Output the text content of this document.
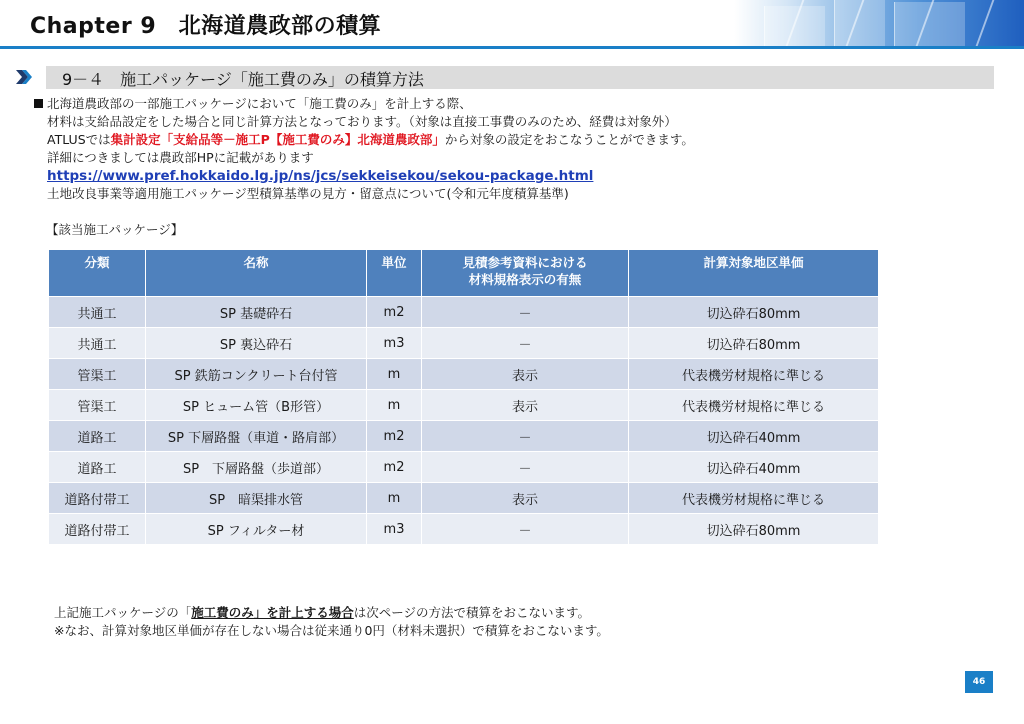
Chapter 9　北海道農政部の積算
9－４　施工パッケージ「施工費のみ」の積算方法
北海道農政部の一部施工パッケージにおいて「施工費のみ」を計上する際、
材料は支給品設定をした場合と同じ計算方法となっております。（対象は直接工事費のみのため、経費は対象外）
ATLUSでは集計設定「支給品等－施工P【施工費のみ】北海道農政部」から対象の設定をおこなうことができます。
詳細につきましては農政部HPに記載があります
https://www.pref.hokkaido.lg.jp/ns/jcs/sekkeisekou/sekou-package.html
土地改良事業等適用施工パッケージ型積算基準の見方・留意点について(令和元年度積算基準)
【該当施工パッケージ】
分類	名称	単位	見積参考資料における
材料規格表示の有無	計算対象地区単価
共通工	SP 基礎砕石	m2	－	切込砕石80mm
共通工	SP 裏込砕石	m3	－	切込砕石80mm
管渠工	SP 鉄筋コンクリート台付管	m	表示	代表機労材規格に準じる
管渠工	SP ヒューム管（B形管）	m	表示	代表機労材規格に準じる
道路工	SP 下層路盤（車道・路肩部）	m2	－	切込砕石40mm
道路工	SP　下層路盤（歩道部）	m2	－	切込砕石40mm
道路付帯工	SP　暗渠排水管	m	表示	代表機労材規格に準じる
道路付帯工	SP フィルター材	m3	－	切込砕石80mm
上記施工パッケージの「施工費のみ」を計上する場合は次ページの方法で積算をおこないます。
※なお、計算対象地区単価が存在しない場合は従来通り0円（材料未選択）で積算をおこないます。
46
